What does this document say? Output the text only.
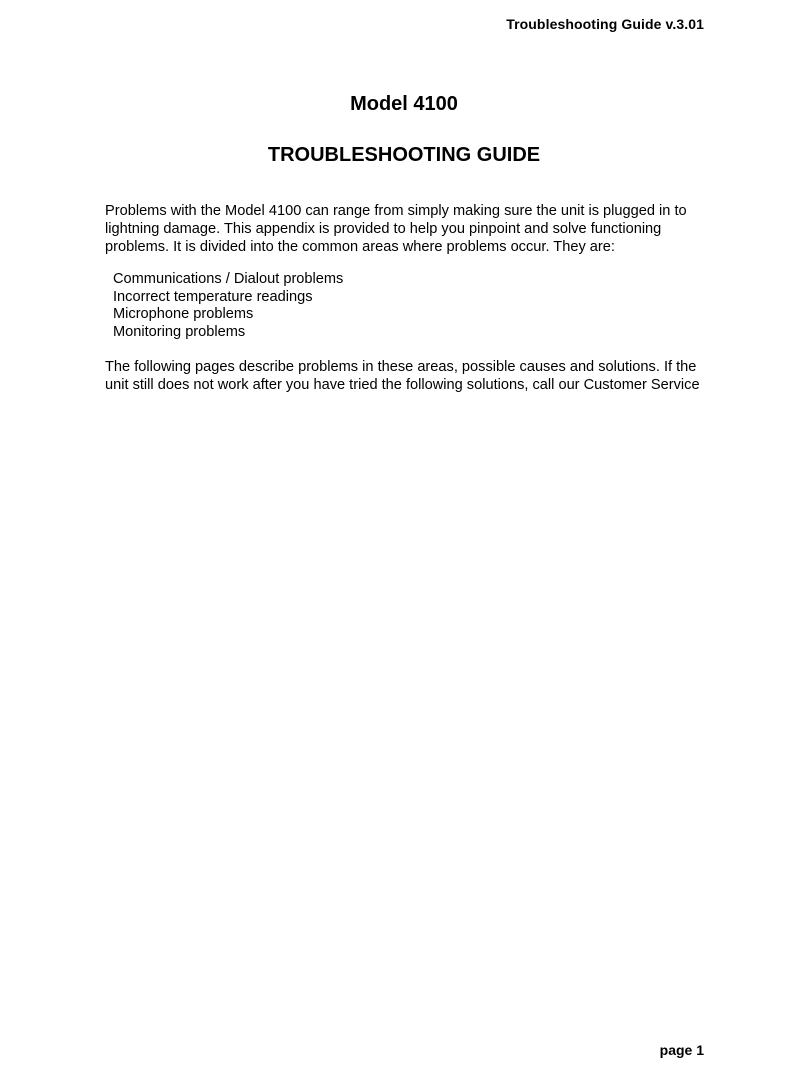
Troubleshooting Guide v.3.01
Model 4100
TROUBLESHOOTING GUIDE

Problems with the Model 4100 can range from simply making sure the unit is plugged in to
lightning damage. This appendix is provided to help you pinpoint and solve functioning
problems. It is divided into the common areas where problems occur. They are:

Communications / Dialout problems
Incorrect temperature readings
Microphone problems
Monitoring problems

The following pages describe problems in these areas, possible causes and solutions. If the
unit still does not work after you have tried the following solutions, call our Customer Service

page 1
